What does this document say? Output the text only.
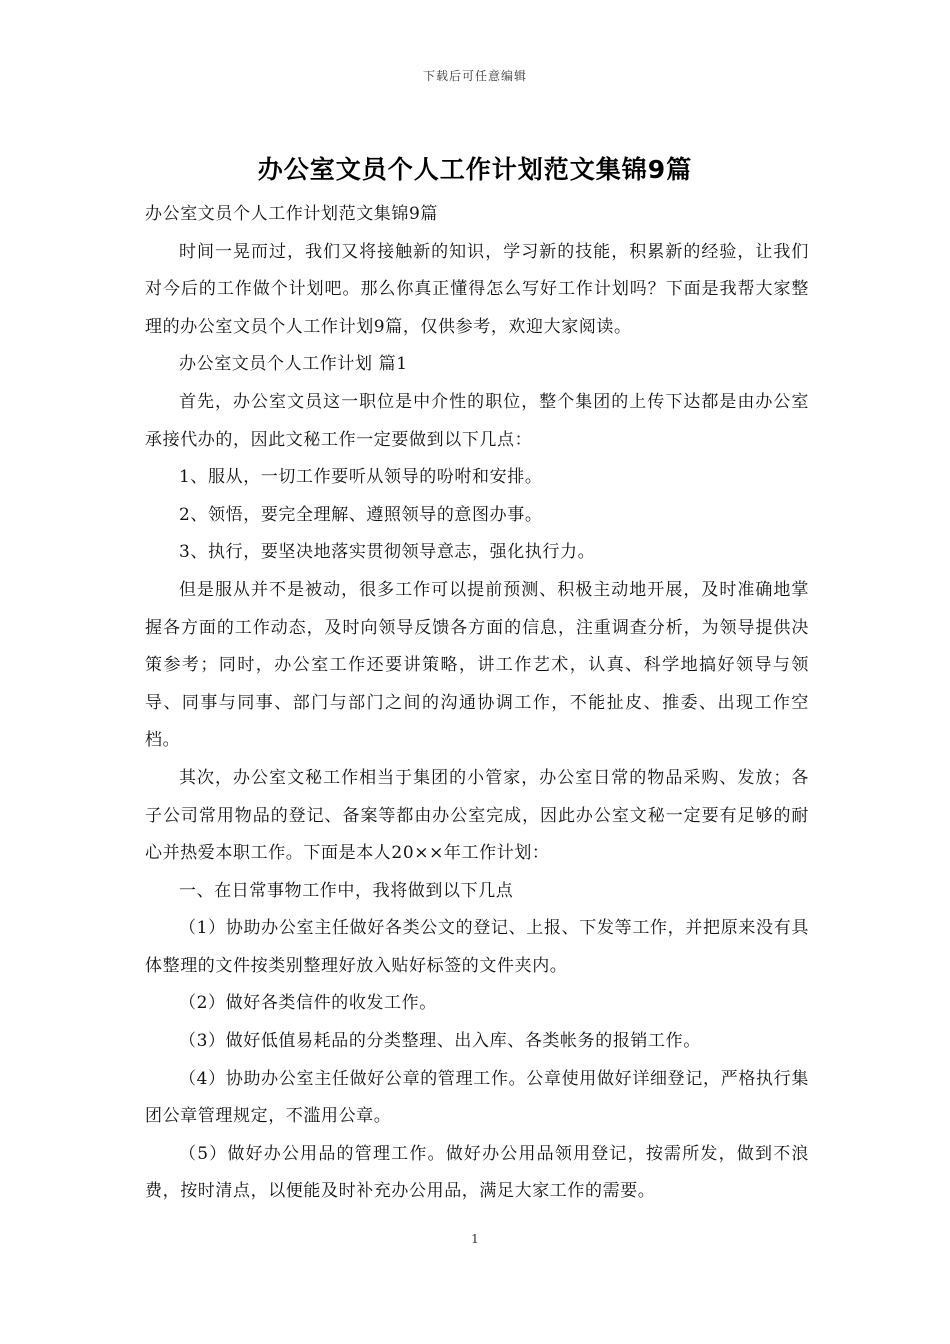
下载后可任意编辑
办公室文员个人工作计划范文集锦9篇

办公室文员个人工作计划范文集锦9篇

时间一晃而过，我们又将接触新的知识，学习新的技能，积累新的经验，让我们对今后的工作做个计划吧。那么你真正懂得怎么写好工作计划吗？下面是我帮大家整理的办公室文员个人工作计划9篇，仅供参考，欢迎大家阅读。

办公室文员个人工作计划 篇1

首先，办公室文员这一职位是中介性的职位，整个集团的上传下达都是由办公室承接代办的，因此文秘工作一定要做到以下几点：

1、服从，一切工作要听从领导的吩咐和安排。

2、领悟，要完全理解、遵照领导的意图办事。

3、执行，要坚决地落实贯彻领导意志，强化执行力。

但是服从并不是被动，很多工作可以提前预测、积极主动地开展，及时准确地掌握各方面的工作动态，及时向领导反馈各方面的信息，注重调查分析，为领导提供决策参考；同时，办公室工作还要讲策略，讲工作艺术，认真、科学地搞好领导与领导、同事与同事、部门与部门之间的沟通协调工作，不能扯皮、推委、出现工作空档。

其次，办公室文秘工作相当于集团的小管家，办公室日常的物品采购、发放；各子公司常用物品的登记、备案等都由办公室完成，因此办公室文秘一定要有足够的耐心并热爱本职工作。下面是本人20××年工作计划：

一、在日常事物工作中，我将做到以下几点

（1）协助办公室主任做好各类公文的登记、上报、下发等工作，并把原来没有具体整理的文件按类别整理好放入贴好标签的文件夹内。

（2）做好各类信件的收发工作。

（3）做好低值易耗品的分类整理、出入库、各类帐务的报销工作。

（4）协助办公室主任做好公章的管理工作。公章使用做好详细登记，严格执行集团公章管理规定，不滥用公章。

（5）做好办公用品的管理工作。做好办公用品领用登记，按需所发，做到不浪费，按时清点，以便能及时补充办公用品，满足大家工作的需要。

1
